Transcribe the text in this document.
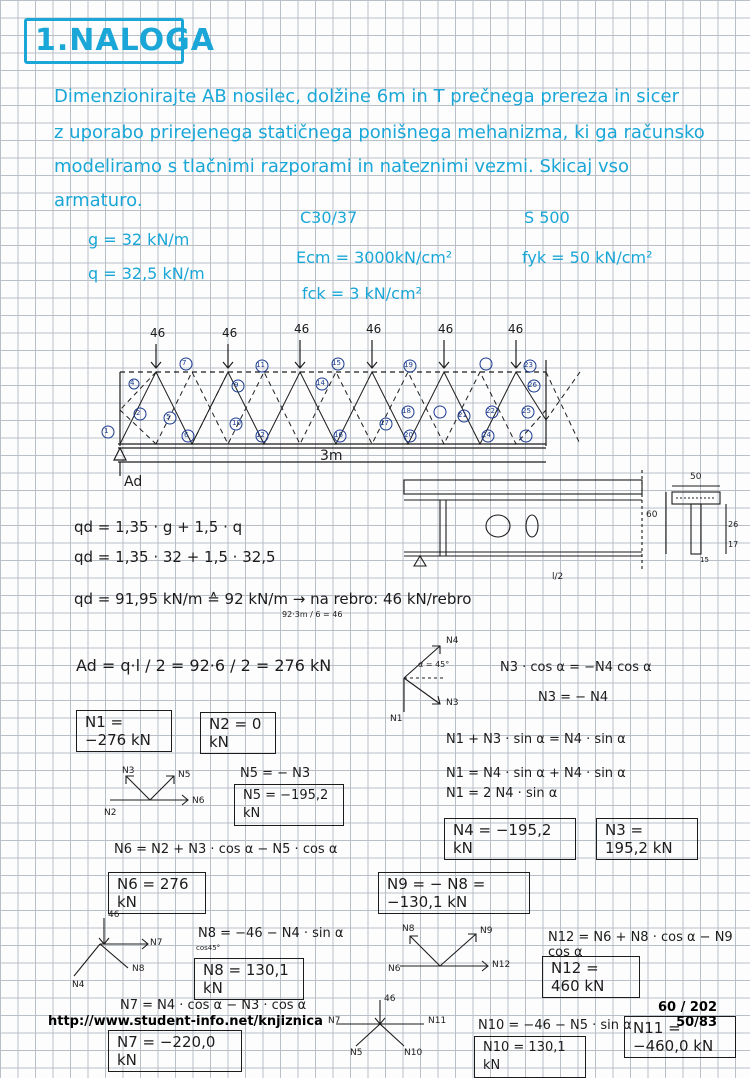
1.NALOGA
Dimenzionirajte AB nosilec, dolžine 6m in T prečnega prereza in sicer
z uporabo prirejenega statičnega ponišnega mehanizma, ki ga računsko
modeliramo s tlačnimi razporami in nateznimi vezmi. Skicaj vso
armaturo.
g = 32 kN/m
q = 32,5 kN/m
C30/37
Ecm = 3000kN/cm²
fck = 3 kN/cm²
S 500
fyk = 50 kN/cm²
46	46	46	46	46	46
1
7
2	5
6
4	9
10
11
12
14
15
16
17
18
19
20
21	22
23
24
25
26
3m
Ad	50
60
26
17
15
l/2
qd = 1,35 · g + 1,5 · q
qd = 1,35 · 32 + 1,5 · 32,5
qd = 91,95 kN/m ≙ 92 kN/m → na rebro: 46 kN/rebro
92·3m / 6 = 46
Ad = q·l / 2 = 92·6 / 2 = 276 kN
N1 = −276 kN
N2 = 0 kN
N4
N3
N1
α = 45°	N3 · cos α = −N4 cos α
N3 = − N4
N1 + N3 · sin α = N4 · sin α
N1 = N4 · sin α + N4 · sin α
N1 = 2 N4 · sin α
N3	N5
N2
N6
N5 = − N3
N5 = −195,2 kN
N4 = −195,2 kN
N3 = 195,2 kN
N6 = N2 + N3 · cos α − N5 · cos α
N6 = 276 kN
N9 = − N8 = −130,1 kN
46
N4
N7
N8
N8 = −46 − N4 · sin α
cos45°
N8 = 130,1 kN
N8	N9
N6	N12
N12 = N6 + N8 · cos α − N9 cos α
N12 = 460 kN
N7 = N4 · cos α − N3 · cos α
N7 = −220,0 kN
46
N7	N11
N5	N10
N10 = −46 − N5 · sin α
N10 = 130,1 kN
N11 = −460,0 kN
http://www.student-info.net/knjiznica
60 / 202
50/83
